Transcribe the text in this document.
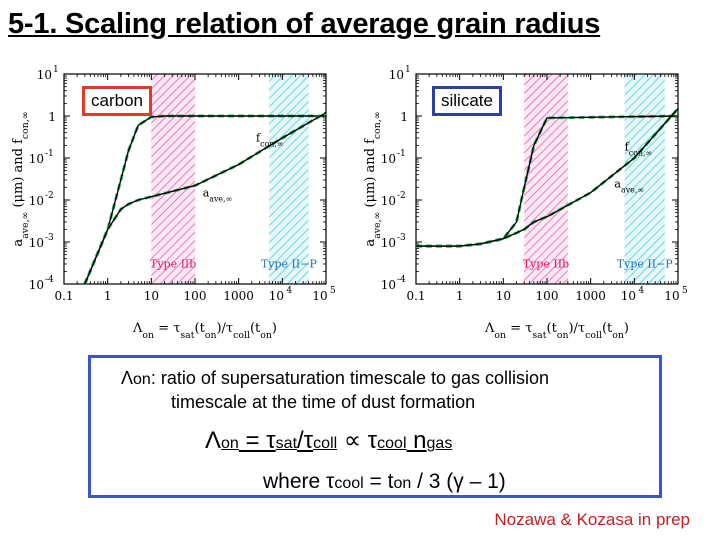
5-1. Scaling relation of average grain radius
0.1	1	10 100 1000 10 4 10 5
10 1
1
10 -1
10 -2
10 -3
10 -4
$a_{ave,\infty}$ (μm) and $f_{con,\infty}$
$\Lambda_{on} = \tau_{sat}(t_{on})/\tau_{coll}(t_{on})$
$f_{con,\infty}$
$a_{ave,\infty}$
Type IIb	Type II−P
carbon
0.1	1	10 100 1000 10 4 10 5
10 1
1
10 -1
10 -2
10 -3
10 -4
$a_{ave,\infty}$ (μm) and $f_{con,\infty}$
$\Lambda_{on} = \tau_{sat}(t_{on})/\tau_{coll}(t_{on})$
$f_{con,\infty}$
$a_{ave,\infty}$
Type IIb	Type II−P
silicate
Λon: ratio of supersaturation timescale to gas collision
timescale at the time of dust formation
Λon = τsat/τcoll ∝ τcool ngas
where τcool = ton / 3 (γ – 1)
Nozawa & Kozasa in prep
